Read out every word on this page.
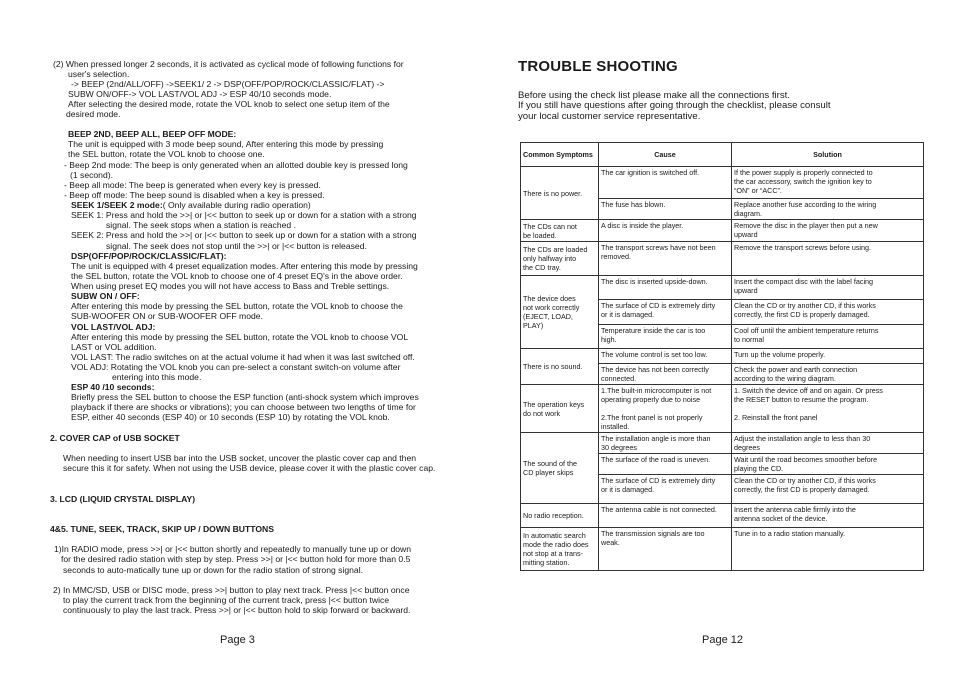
(2) When pressed longer 2 seconds, it is activated as cyclical mode of following functions for
user's selection.
-> BEEP (2nd/ALL/OFF) ->SEEK1/ 2 -> DSP(OFF/POP/ROCK/CLASSIC/FLAT) ->
SUBW ON/OFF-> VOL LAST/VOL ADJ -> ESP 40/10 seconds mode.
After selecting the desired mode, rotate the VOL knob to select one setup item of the
desired mode.
BEEP 2ND, BEEP ALL, BEEP OFF MODE:
The unit is equipped with 3 mode beep sound, After entering this mode by pressing
the SEL button, rotate the VOL knob to choose one.
- Beep 2nd mode: The beep is only generated when an allotted double key is pressed long
(1 second).
- Beep all mode: The beep is generated when every key is pressed.
- Beep off mode: The beep sound is disabled when a key is pressed.
SEEK 1/SEEK 2 mode:( Only available during radio operation)
SEEK 1: Press and hold the >>| or |<< button to seek up or down for a station with a strong
signal. The seek stops when a station is reached .
SEEK 2: Press and hold the >>| or |<< button to seek up or down for a station with a strong
signal. The seek does not stop until the >>| or |<< button is released.
DSP(OFF/POP/ROCK/CLASSIC/FLAT):
The unit is equipped with 4 preset equalization modes. After entering this mode by pressing
the SEL button, rotate the VOL knob to choose one of 4 preset EQ's in the above order.
When using preset EQ modes you will not have access to Bass and Treble settings.
SUBW ON / OFF:
After entering this mode by pressing the SEL button, rotate the VOL knob to choose the
SUB-WOOFER ON or SUB-WOOFER OFF mode.
VOL LAST/VOL ADJ:
After entering this mode by pressing the SEL button, rotate the VOL knob to choose VOL
LAST or VOL addition.
VOL LAST: The radio switches on at the actual volume it had when it was last switched off.
VOL ADJ: Rotating the VOL knob you can pre-select a constant switch-on volume after
entering into this mode.
ESP 40 /10 seconds:
Briefly press the SEL button to choose the ESP function (anti-shock system which improves
playback if there are shocks or vibrations); you can choose between two lengths of time for
ESP, either 40 seconds (ESP 40) or 10 seconds (ESP 10) by rotating the VOL knob.
2. COVER CAP of USB SOCKET
When needing to insert USB bar into the USB socket, uncover the plastic cover cap and then
secure this it for safety. When not using the USB device, please cover it with the plastic cover cap.
3. LCD (LIQUID CRYSTAL DISPLAY)
4&5. TUNE, SEEK, TRACK, SKIP UP / DOWN BUTTONS
1)In RADIO mode, press >>| or |<< button shortly and repeatedly to manually tune up or down
for the desired radio station with step by step. Press >>| or |<< button hold for more than 0.5
seconds to auto-matically tune up or down for the radio station of strong signal.
2) In MMC/SD, USB or DISC mode, press >>| button to play next track. Press |<< button once
to play the current track from the beginning of the current track, press |<< button twice
continuously to play the last track. Press >>| or |<< button hold to skip forward or backward.
Page 3
TROUBLE SHOOTING
Before using the check list please make all the connections first.
If you still have questions after going through the checklist, please consult
your local customer service representative.
Common Symptoms	Cause	Solution
There is no power.	The car ignition is switched off.	If the power supply is properly connected to
the car accessory, switch the ignition key to
“ON” or “ACC”.
	The fuse has blown.	Replace another fuse according to the wiring
diagram.
The CDs can not
be loaded.	A disc is inside the player.	Remove the disc in the player then put a new
upward
The CDs are loaded
only halfway into
the CD tray.	The transport screws have not been
removed.	Remove the transport screws before using.
The device does
not work correctly
(EJECT, LOAD,
PLAY)	The disc is inserted upside-down.	Insert the compact disc with the label facing
upward
	The surface of CD is extremely dirty
or it is damaged.	Clean the CD or try another CD, if this works
correctly, the first CD is properly damaged.
	Temperature inside the car is too
high.	Cool off until the ambient temperature returns
to normal
There is no sound.	The volume control is set too low.	Turn up the volume properly.
	The device has not been correctly
connected.	Check the power and earth connection
according to the wiring diagram.
The operation keys
do not work	1.The built-in microcomputer is not
operating properly due to noise

2.The front panel is not properly
installed.	1. Switch the device off and on again. Or press
the RESET button to resume the program.

2. Reinstall the front panel
The sound of the
CD player skips	The installation angle is more than
30 degrees	Adjust the installation angle to less than 30
degrees
	The surface of the road is uneven.	Wait until the road becomes smoother before
playing the CD.
	The surface of CD is extremely dirty
or it is damaged.	Clean the CD or try another CD, if this works
correctly, the first CD is properly damaged.
No radio reception.	The antenna cable is not connected.	Insert the antenna cable firmly into the
antenna socket of the device.
In automatic search
mode the radio does
not stop at a trans-
mitting station.	The transmission signals are too
weak.	Tune in to a radio station manually.
Page 12
